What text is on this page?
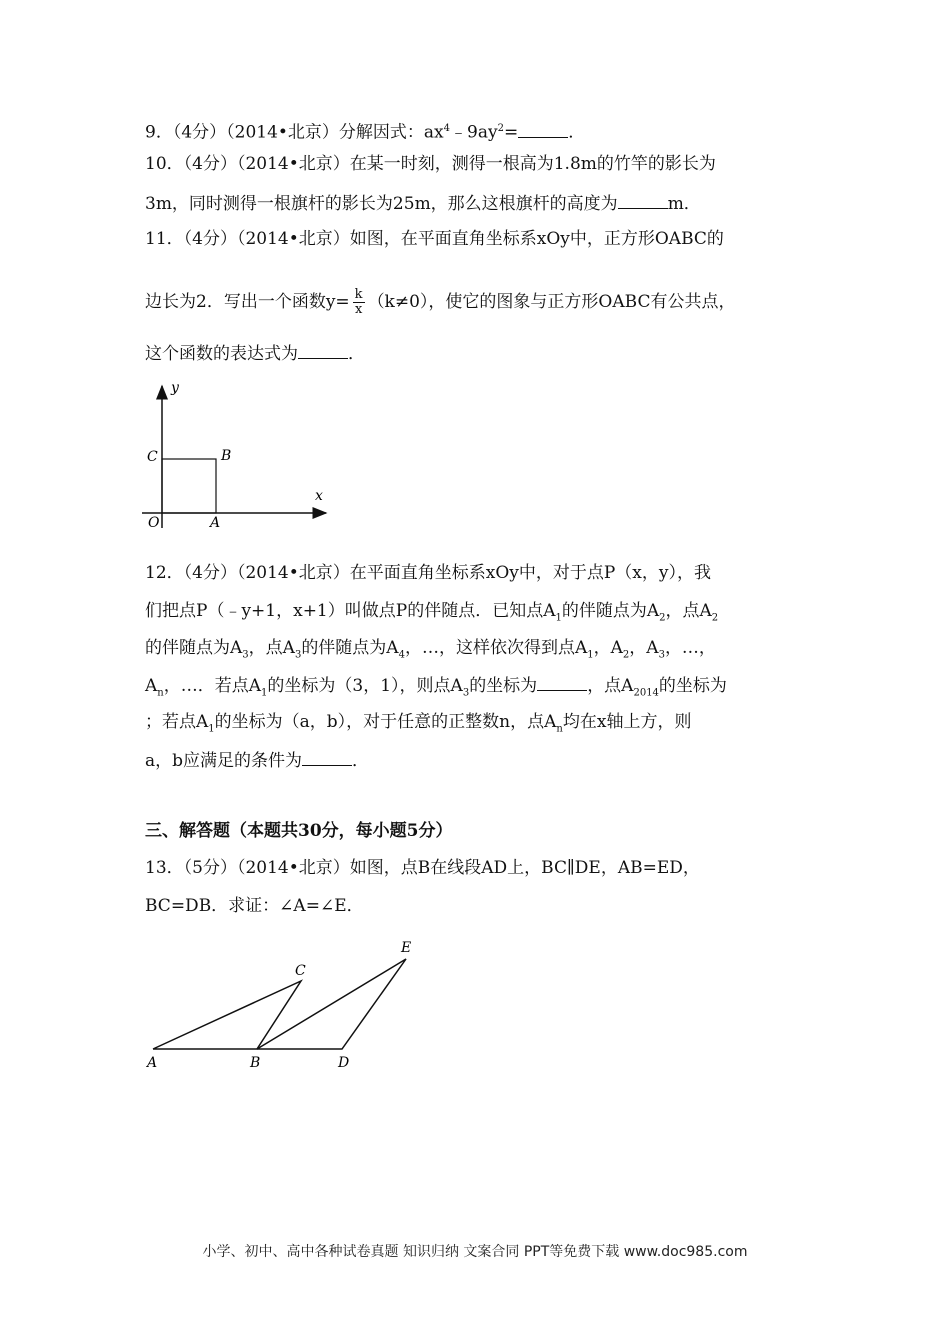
9．（4分）（2014•北京）分解因式：$ax^4﹣9ay^2=$	．
10．（4分）（2014•北京）在某一时刻，测得一根高为1.8m的竹竿的影长为
3m，同时测得一根旗杆的影长为25m，那么这根旗杆的高度为	m．
11．（4分）（2014•北京）如图，在平面直角坐标系xOy中，正方形OABC的
边长为2．写出一个函数$y= \frac{k}{x} (k\ne 0)$，使它的图象与正方形OABC有公共点，
这个函数的表达式为	．
y
x
O	A
B
C
12．（4分）（2014•北京）在平面直角坐标系xOy中，对于点P（x，y），我
们把点P（﹣y+1，x+1）叫做点P的伴随点．已知点$A_1$的伴随点为$A_2$，点$A_2$
的伴随点为$A_3$，点$A_3$的伴随点为$A_4$，…，这样依次得到点$A_1$，$A_2$，$A_3$，…，
$A_n$，…．若点$A_1$的坐标为（3，1），则点$A_3$的坐标为	，点$A_{2014}$的坐标为
；若点$A_1$的坐标为（a，b），对于任意的正整数n，点$A_n$均在x轴上方，则
a，b应满足的条件为	．
三、解答题（本题共30分，每小题5分）
13．（5分）（2014•北京）如图，点B在线段AD上，BC∥DE，AB=ED，
BC=DB．求证：∠A=∠E．
A	B
C
D
E
小学、初中、高中各种试卷真题 知识归纳 文案合同 PPT等免费下载 www.doc985.com
